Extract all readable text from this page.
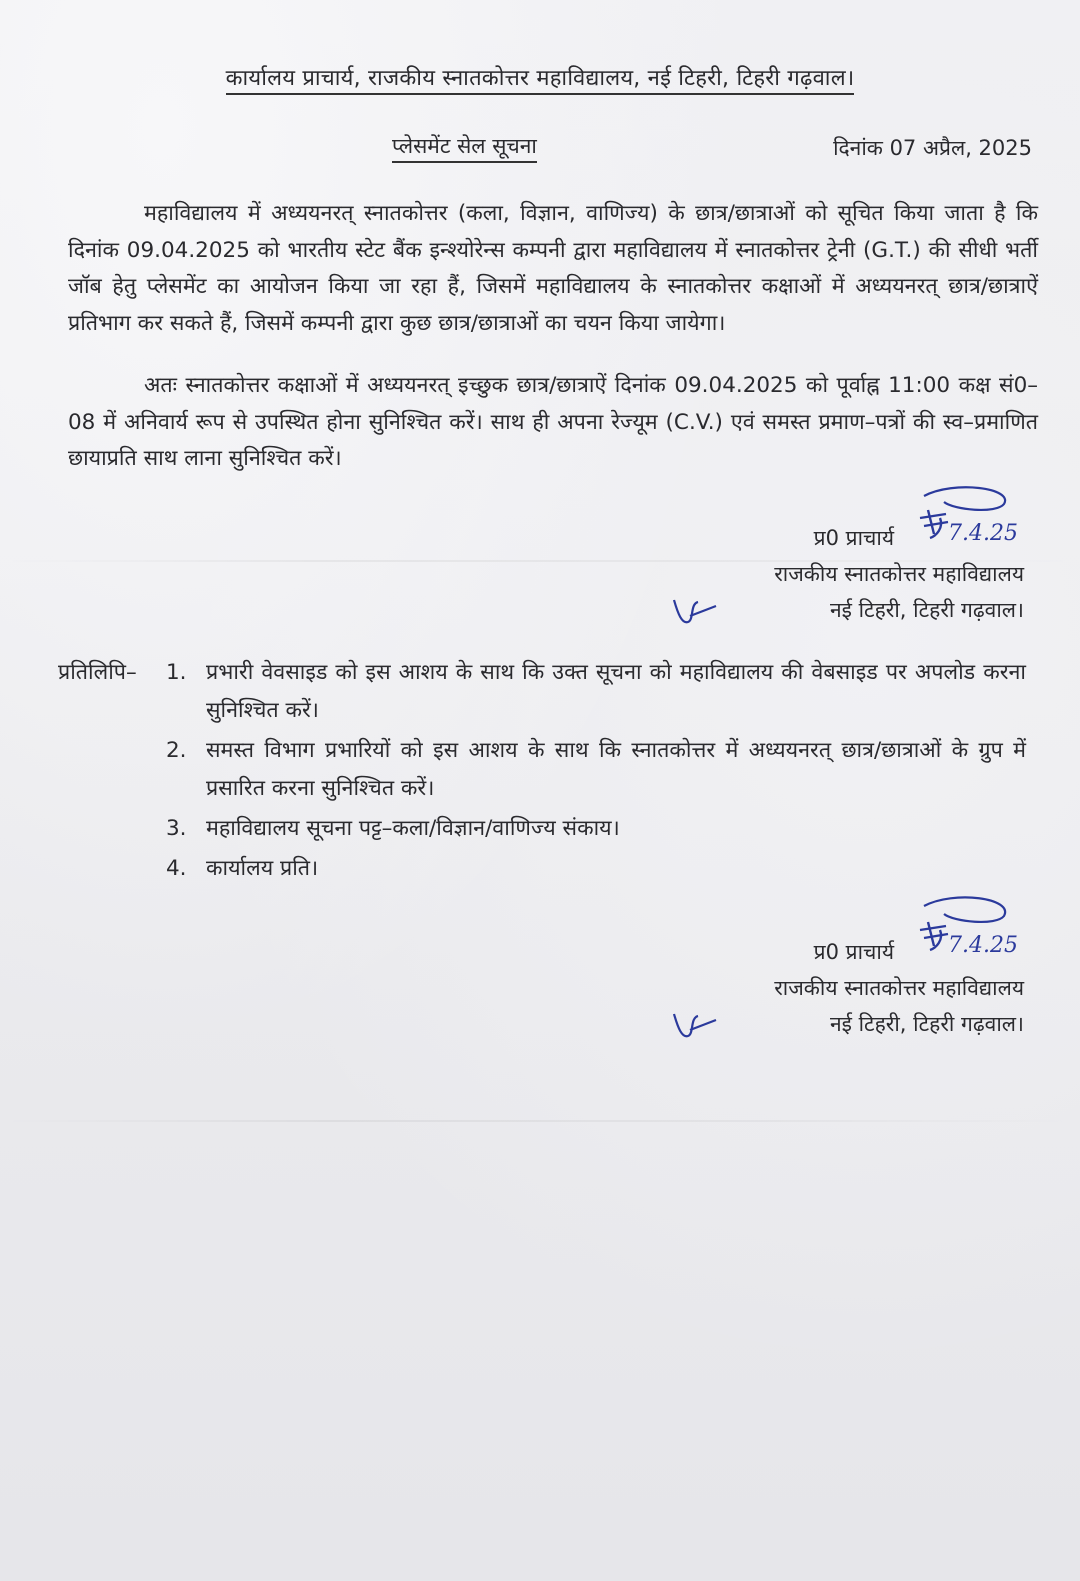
कार्यालय प्राचार्य, राजकीय स्नातकोत्तर महाविद्यालय, नई टिहरी, टिहरी गढ़वाल।
प्लेसमेंट सेल सूचना	दिनांक 07 अप्रैल, 2025
महाविद्यालय में अध्ययनरत् स्नातकोत्तर (कला, विज्ञान, वाणिज्य) के छात्र/छात्राओं को सूचित किया जाता है कि दिनांक 09.04.2025 को भारतीय स्टेट बैंक इन्श्योरेन्स कम्पनी द्वारा महाविद्यालय में स्नातकोत्तर ट्रेनी (G.T.) की सीधी भर्ती जॉब हेतु प्लेसमेंट का आयोजन किया जा रहा हैं, जिसमें महाविद्यालय के स्नातकोत्तर कक्षाओं में अध्ययनरत् छात्र/छात्राऐं प्रतिभाग कर सकते हैं, जिसमें कम्पनी द्वारा कुछ छात्र/छात्राओं का चयन किया जायेगा।
अतः स्नातकोत्तर कक्षाओं में अध्ययनरत् इच्छुक छात्र/छात्राऐं दिनांक 09.04.2025 को पूर्वाह्न 11:00 कक्ष सं0–08 में अनिवार्य रूप से उपस्थित होना सुनिश्चित करें। साथ ही अपना रेज्यूम (C.V.) एवं समस्त प्रमाण–पत्रों की स्व–प्रमाणित छायाप्रति साथ लाना सुनिश्चित करें।
प्र0 प्राचार्य
राजकीय स्नातकोत्तर महाविद्यालय
नई टिहरी, टिहरी गढ़वाल।
7.4.25
प्रतिलिपि– 1. प्रभारी वेवसाइड को इस आशय के साथ कि उक्त सूचना को महाविद्यालय की वेबसाइड पर अपलोड करना सुनिश्चित करें।
2. समस्त विभाग प्रभारियों को इस आशय के साथ कि स्नातकोत्तर में अध्ययनरत् छात्र/छात्राओं के ग्रुप में प्रसारित करना सुनिश्चित करें।
3. महाविद्यालय सूचना पट्ट–कला/विज्ञान/वाणिज्य संकाय।
4. कार्यालय प्रति।
प्र0 प्राचार्य
राजकीय स्नातकोत्तर महाविद्यालय
नई टिहरी, टिहरी गढ़वाल।
7.4.25
